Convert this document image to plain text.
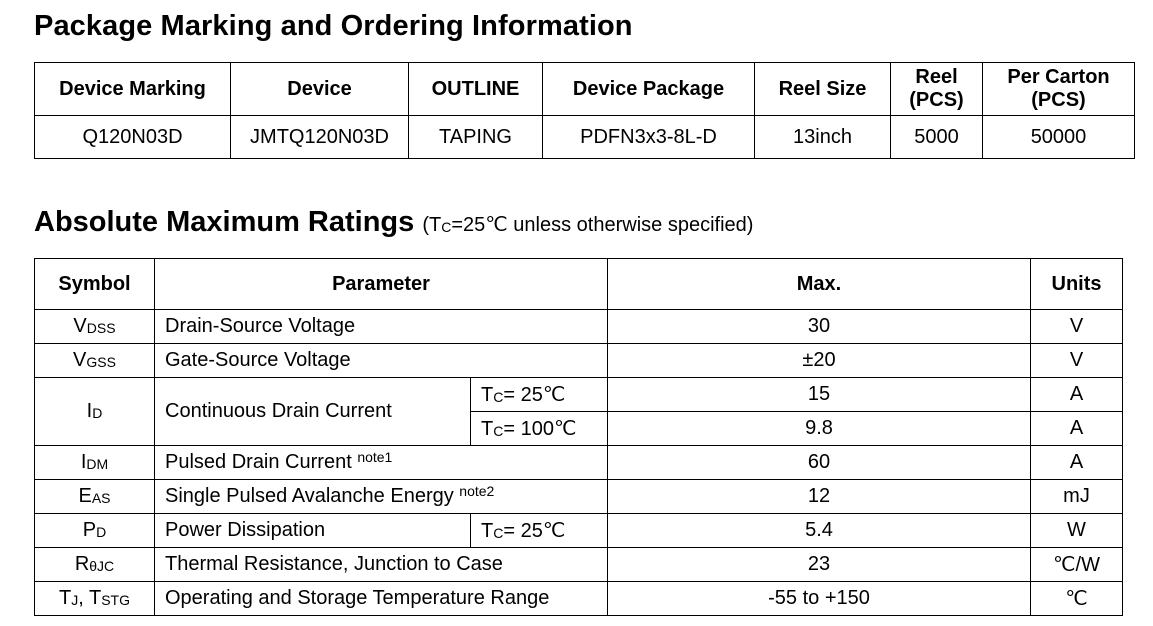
Package Marking and Ordering Information
Device Marking	Device	OUTLINE	Device Package	Reel Size	Reel (PCS)	Per Carton (PCS)
Q120N03D	JMTQ120N03D	TAPING	PDFN3x3-8L-D	13inch	5000	50000
Absolute Maximum Ratings ($T_C=25℃$ unless otherwise specified)
Symbol	Parameter		Max.	Units
$V_{DSS}$	Drain-Source Voltage		30	V
$V_{GSS}$	Gate-Source Voltage		±20	V
$I_D$	Continuous Drain Current	$T_C=$ 25℃	15	A
		$T_C=$ 100℃	9.8	A
$I_{DM}$	Pulsed Drain Current $^{note1}$		60	A
$E_{AS}$	Single Pulsed Avalanche Energy $^{note2}$		12	mJ
$P_D$	Power Dissipation	$T_C=$ 25℃	5.4	W
$R_{\theta JC}$	Thermal Resistance, Junction to Case		23	℃/W
$T_J$, $T_{STG}$	Operating and Storage Temperature Range		-55 to +150	℃
